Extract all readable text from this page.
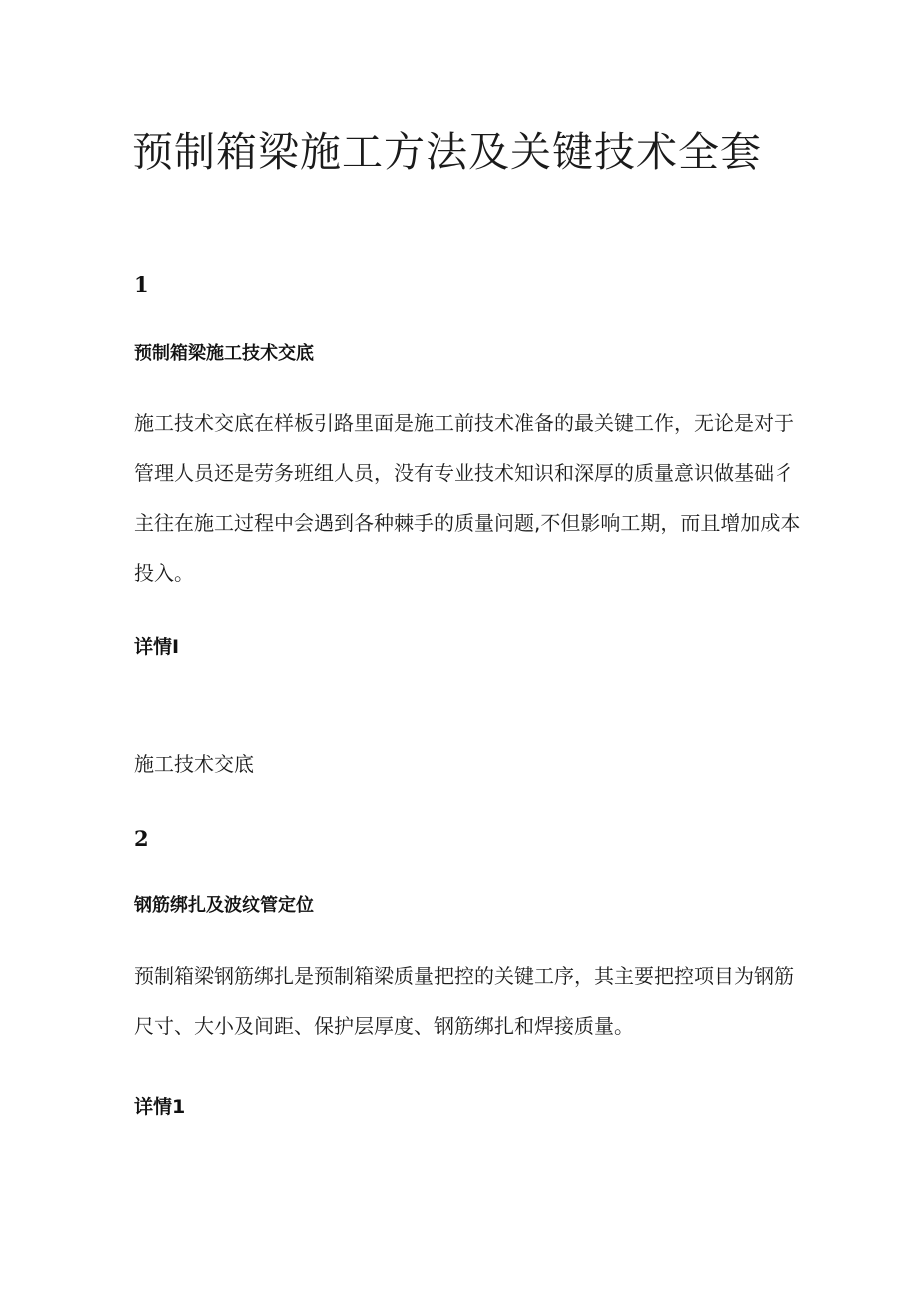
预制箱梁施工方法及关键技术全套
1
预制箱梁施工技术交底
施工技术交底在样板引路里面是施工前技术准备的最关键工作，无论是对于
管理人员还是劳务班组人员，没有专业技术知识和深厚的质量意识做基础彳
主往在施工过程中会遇到各种棘手的质量问题,不但影响工期，而且增加成本
投入。
详情I
施工技术交底
2
钢筋绑扎及波纹管定位
预制箱梁钢筋绑扎是预制箱梁质量把控的关键工序，其主要把控项目为钢筋
尺寸、大小及间距、保护层厚度、钢筋绑扎和焊接质量。
详情1
